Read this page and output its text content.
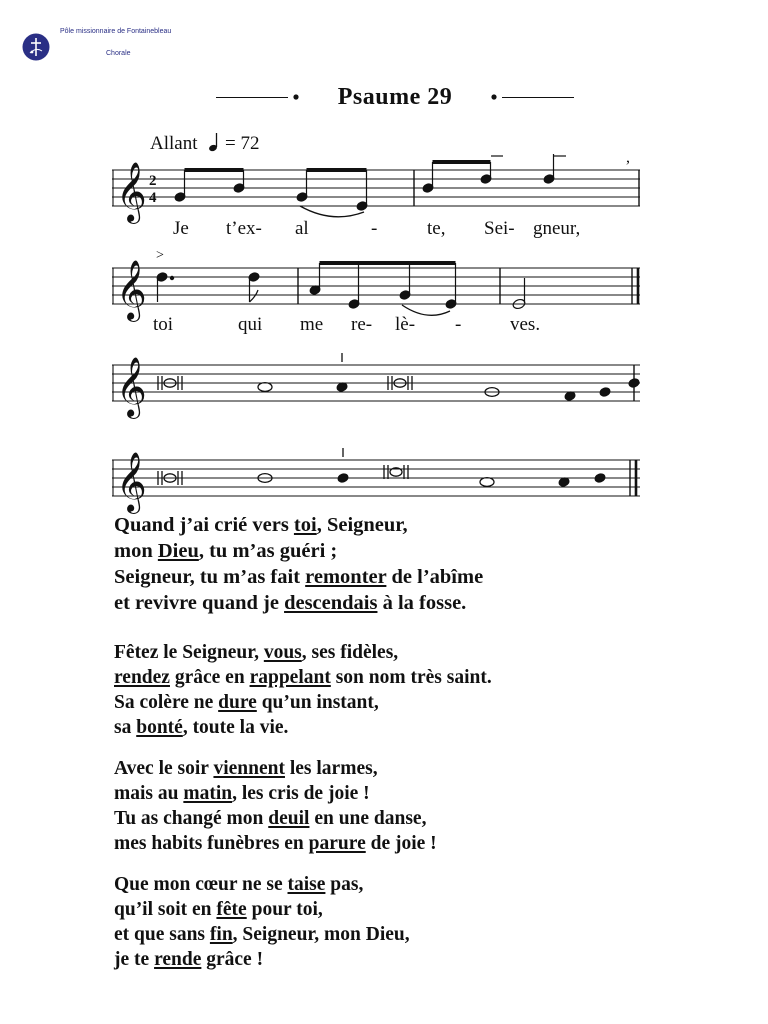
Pôle missionnaire de Fontainebleau
Chorale
Psaume 29
Allant = 72
𝄞 2
4
,
Je t’ex- al	-	te, Sei- gneur,
𝄞
>
toi	qui me re- lè- -	ves.
𝄞
𝄞
Quand j’ai crié vers toi, Seigneur,
mon Dieu, tu m’as guéri ;
Seigneur, tu m’as fait remonter de l’abîme
et revivre quand je descendais à la fosse.
Fêtez le Seigneur, vous, ses fidèles,
rendez grâce en rappelant son nom très saint.
Sa colère ne dure qu’un instant,
sa bonté, toute la vie.
Avec le soir viennent les larmes,
mais au matin, les cris de joie !
Tu as changé mon deuil en une danse,
mes habits funèbres en parure de joie !
Que mon cœur ne se taise pas,
qu’il soit en fête pour toi,
et que sans fin, Seigneur, mon Dieu,
je te rende grâce !
